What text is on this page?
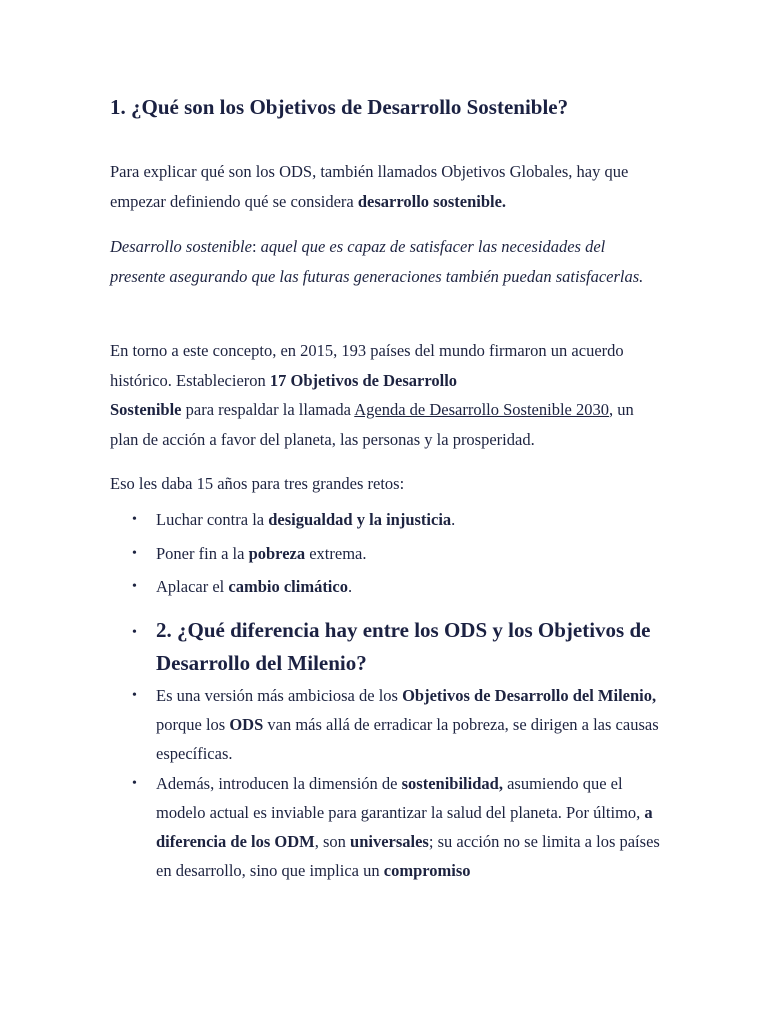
1. ¿Qué son los Objetivos de Desarrollo Sostenible?

Para explicar qué son los ODS, también llamados Objetivos Globales, hay que empezar definiendo qué se considera desarrollo sostenible.

Desarrollo sostenible: aquel que es capaz de satisfacer las necesidades del presente asegurando que las futuras generaciones también puedan satisfacerlas.

En torno a este concepto, en 2015, 193 países del mundo firmaron un acuerdo histórico. Establecieron 17 Objetivos de Desarrollo
Sostenible para respaldar la llamada Agenda de Desarrollo Sostenible 2030, un plan de acción a favor del planeta, las personas y la prosperidad.

Eso les daba 15 años para tres grandes retos:

• Luchar contra la desigualdad y la injusticia.
• Poner fin a la pobreza extrema.
• Aplacar el cambio climático.
• 2. ¿Qué diferencia hay entre los ODS y los Objetivos de Desarrollo del Milenio?
• Es una versión más ambiciosa de los Objetivos de Desarrollo del Milenio, porque los ODS van más allá de erradicar la pobreza, se dirigen a las causas específicas.
• Además, introducen la dimensión de sostenibilidad, asumiendo que el modelo actual es inviable para garantizar la salud del planeta. Por último, a diferencia de los ODM, son universales; su acción no se limita a los países en desarrollo, sino que implica un compromiso
